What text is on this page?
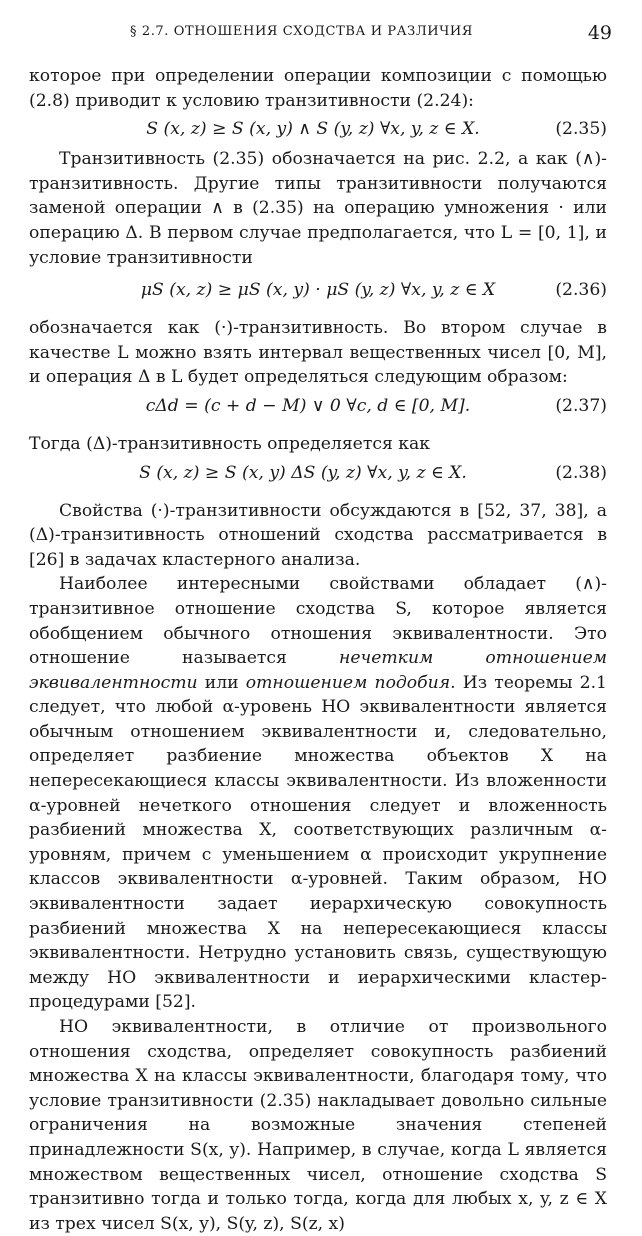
§ 2.7. ОТНОШЕНИЯ СХОДСТВА И РАЗЛИЧИЯ	49

которое при определении операции композиции с помощью (2.8) приводит к условию транзитивности (2.24):

S (x, z) ≥ S (x, y) ∧ S (y, z) ∀x, y, z ∈ X.	(2.35)

Транзитивность (2.35) обозначается на рис. 2.2, а как (∧)-транзитивность. Другие типы транзитивности получаются заменой операции ∧ в (2.35) на операцию умножения · или операцию Δ. В первом случае предполагается, что L = [0, 1], и условие транзитивности

μS (x, z) ≥ μS (x, y) · μS (y, z) ∀x, y, z ∈ X	(2.36)

обозначается как (·)-транзитивность. Во втором случае в качестве L можно взять интервал вещественных чисел [0, M], и операция Δ в L будет определяться следующим образом:

cΔd = (c + d − M) ∨ 0 ∀c, d ∈ [0, M].	(2.37)

Тогда (Δ)-транзитивность определяется как

S (x, z) ≥ S (x, y) ΔS (y, z) ∀x, y, z ∈ X.	(2.38)

Свойства (·)-транзитивности обсуждаются в [52, 37, 38], а (Δ)-транзитивность отношений сходства рассматривается в [26] в задачах кластерного анализа.

Наиболее интересными свойствами обладает (∧)-транзитивное отношение сходства S, которое является обобщением обычного отношения эквивалентности. Это отношение называется	нечетким отношением эквивалентности или отношением подобия. Из теоремы 2.1 следует, что любой α-уровень НО эквивалентности является обычным отношением эквивалентности и, следовательно, определяет разбиение множества объектов X на непересекающиеся классы эквивалентности. Из вложенности α-уровней нечеткого отношения следует и вложенность разбиений множества X, соответствующих различным α-уровням, причем с уменьшением α происходит укрупнение классов эквивалентности α-уровней. Таким образом, НО эквивалентности задает иерархическую совокупность разбиений множества X на непересекающиеся классы эквивалентности. Нетрудно установить связь, существующую между НО эквивалентности и иерархическими кластер-процедурами [52].

НО эквивалентности, в отличие от произвольного отношения сходства, определяет совокупность разбиений множества X на классы эквивалентности, благодаря тому, что условие транзитивности (2.35) накладывает довольно сильные ограничения на возможные значения степеней принадлежности S(x, y). Например, в случае, когда L является множеством вещественных чисел, отношение сходства S транзитивно тогда и только тогда, когда для любых x, y, z ∈ X из трех чисел S(x, y), S(y, z), S(z, x)
